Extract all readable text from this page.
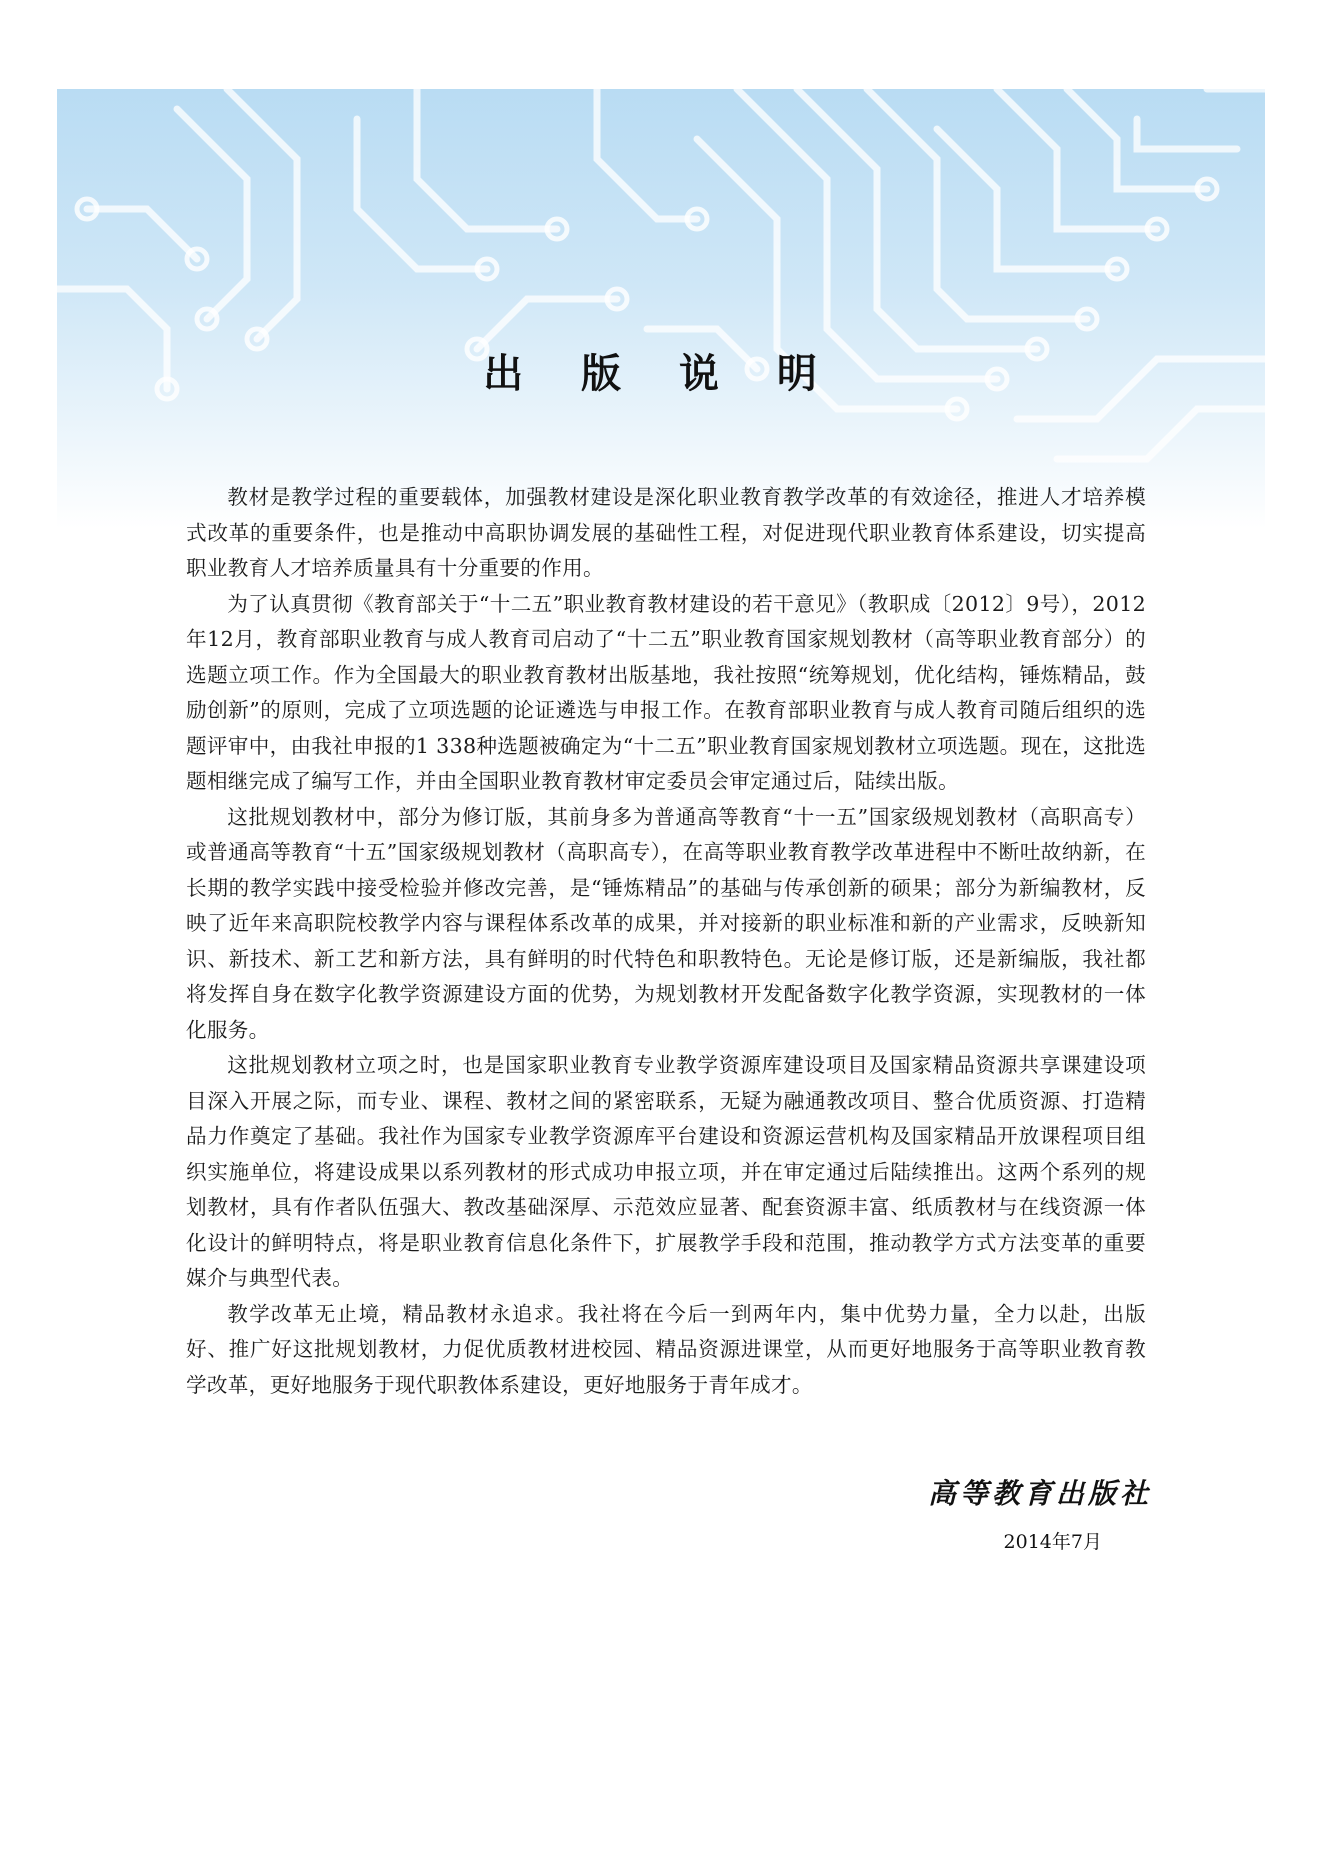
出 版 说 明

教材是教学过程的重要载体，加强教材建设是深化职业教育教学改革的有效途径，推进人才培养模式改革的重要条件，也是推动中高职协调发展的基础性工程，对促进现代职业教育体系建设，切实提高职业教育人才培养质量具有十分重要的作用。

为了认真贯彻《教育部关于“十二五”职业教育教材建设的若干意见》（教职成〔2012〕9号），2012年12月，教育部职业教育与成人教育司启动了“十二五”职业教育国家规划教材（高等职业教育部分）的选题立项工作。作为全国最大的职业教育教材出版基地，我社按照“统筹规划，优化结构，锤炼精品，鼓励创新”的原则，完成了立项选题的论证遴选与申报工作。在教育部职业教育与成人教育司随后组织的选题评审中，由我社申报的1 338种选题被确定为“十二五”职业教育国家规划教材立项选题。现在，这批选题相继完成了编写工作，并由全国职业教育教材审定委员会审定通过后，陆续出版。

这批规划教材中，部分为修订版，其前身多为普通高等教育“十一五”国家级规划教材（高职高专）或普通高等教育“十五”国家级规划教材（高职高专），在高等职业教育教学改革进程中不断吐故纳新，在长期的教学实践中接受检验并修改完善，是“锤炼精品”的基础与传承创新的硕果；部分为新编教材，反映了近年来高职院校教学内容与课程体系改革的成果，并对接新的职业标准和新的产业需求，反映新知识、新技术、新工艺和新方法，具有鲜明的时代特色和职教特色。无论是修订版，还是新编版，我社都将发挥自身在数字化教学资源建设方面的优势，为规划教材开发配备数字化教学资源，实现教材的一体化服务。

这批规划教材立项之时，也是国家职业教育专业教学资源库建设项目及国家精品资源共享课建设项目深入开展之际，而专业、课程、教材之间的紧密联系，无疑为融通教改项目、整合优质资源、打造精品力作奠定了基础。我社作为国家专业教学资源库平台建设和资源运营机构及国家精品开放课程项目组织实施单位，将建设成果以系列教材的形式成功申报立项，并在审定通过后陆续推出。这两个系列的规划教材，具有作者队伍强大、教改基础深厚、示范效应显著、配套资源丰富、纸质教材与在线资源一体化设计的鲜明特点，将是职业教育信息化条件下，扩展教学手段和范围，推动教学方式方法变革的重要媒介与典型代表。

教学改革无止境，精品教材永追求。我社将在今后一到两年内，集中优势力量，全力以赴，出版好、推广好这批规划教材，力促优质教材进校园、精品资源进课堂，从而更好地服务于高等职业教育教学改革，更好地服务于现代职教体系建设，更好地服务于青年成才。

高等教育出版社
2014年7月
